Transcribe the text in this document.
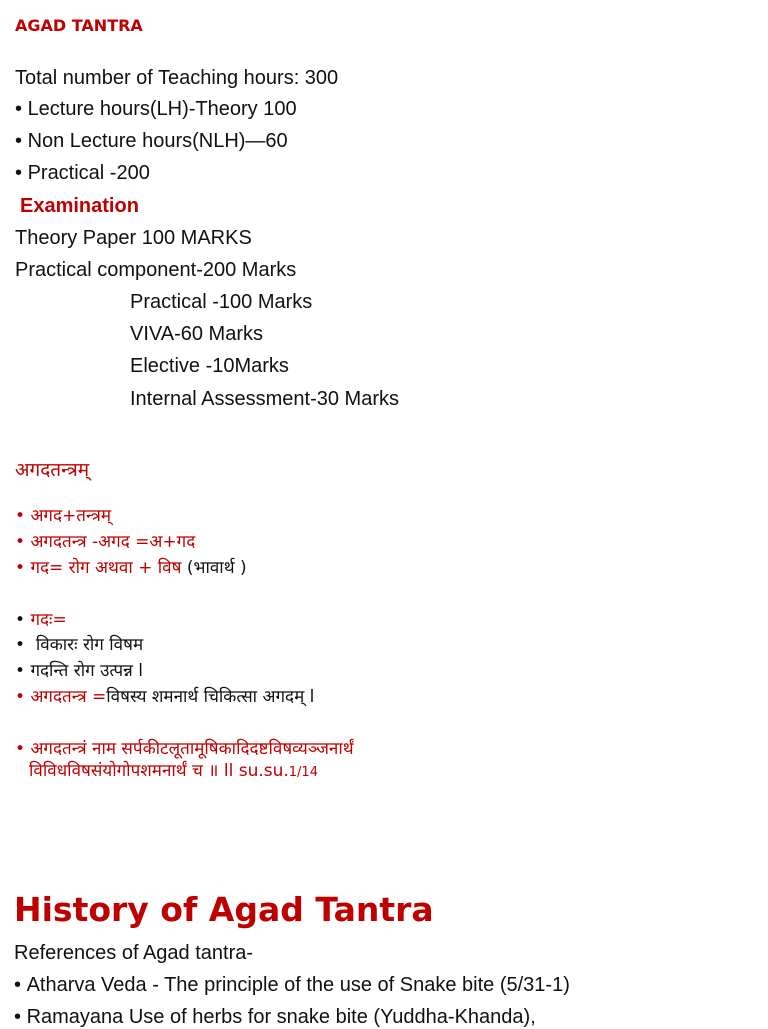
AGAD TANTRA
Total number of Teaching hours: 300
• Lecture hours(LH)-Theory 100
• Non Lecture hours(NLH)—60
• Practical -200
Examination
Theory Paper 100 MARKS
Practical component-200 Marks
Practical -100 Marks
VIVA-60 Marks
Elective -10Marks
Internal Assessment-30 Marks
अगदतन्त्रम्
• अगद+तन्त्रम्
• अगदतन्त्र -अगद =अ+गद
• गद= रोग अथवा + विष (भावार्थ )
• गदः=
•  विकारः रोग विषम
• गदन्ति रोग उत्पन्न l
• अगदतन्त्र =विषस्य शमनार्थ चिकित्सा अगदम् l
• अगदतन्त्रं नाम सर्पकीटलूतामूषिकादिदष्टविषव्यञ्जनार्थं
विविधविषसंयोगोपशमनार्थं च ॥ ll su.su.1/14
History of Agad Tantra
References of Agad tantra-
• Atharva Veda - The principle of the use of Snake bite (5/31-1)
• Ramayana Use of herbs for snake bite (Yuddha-Khanda),
